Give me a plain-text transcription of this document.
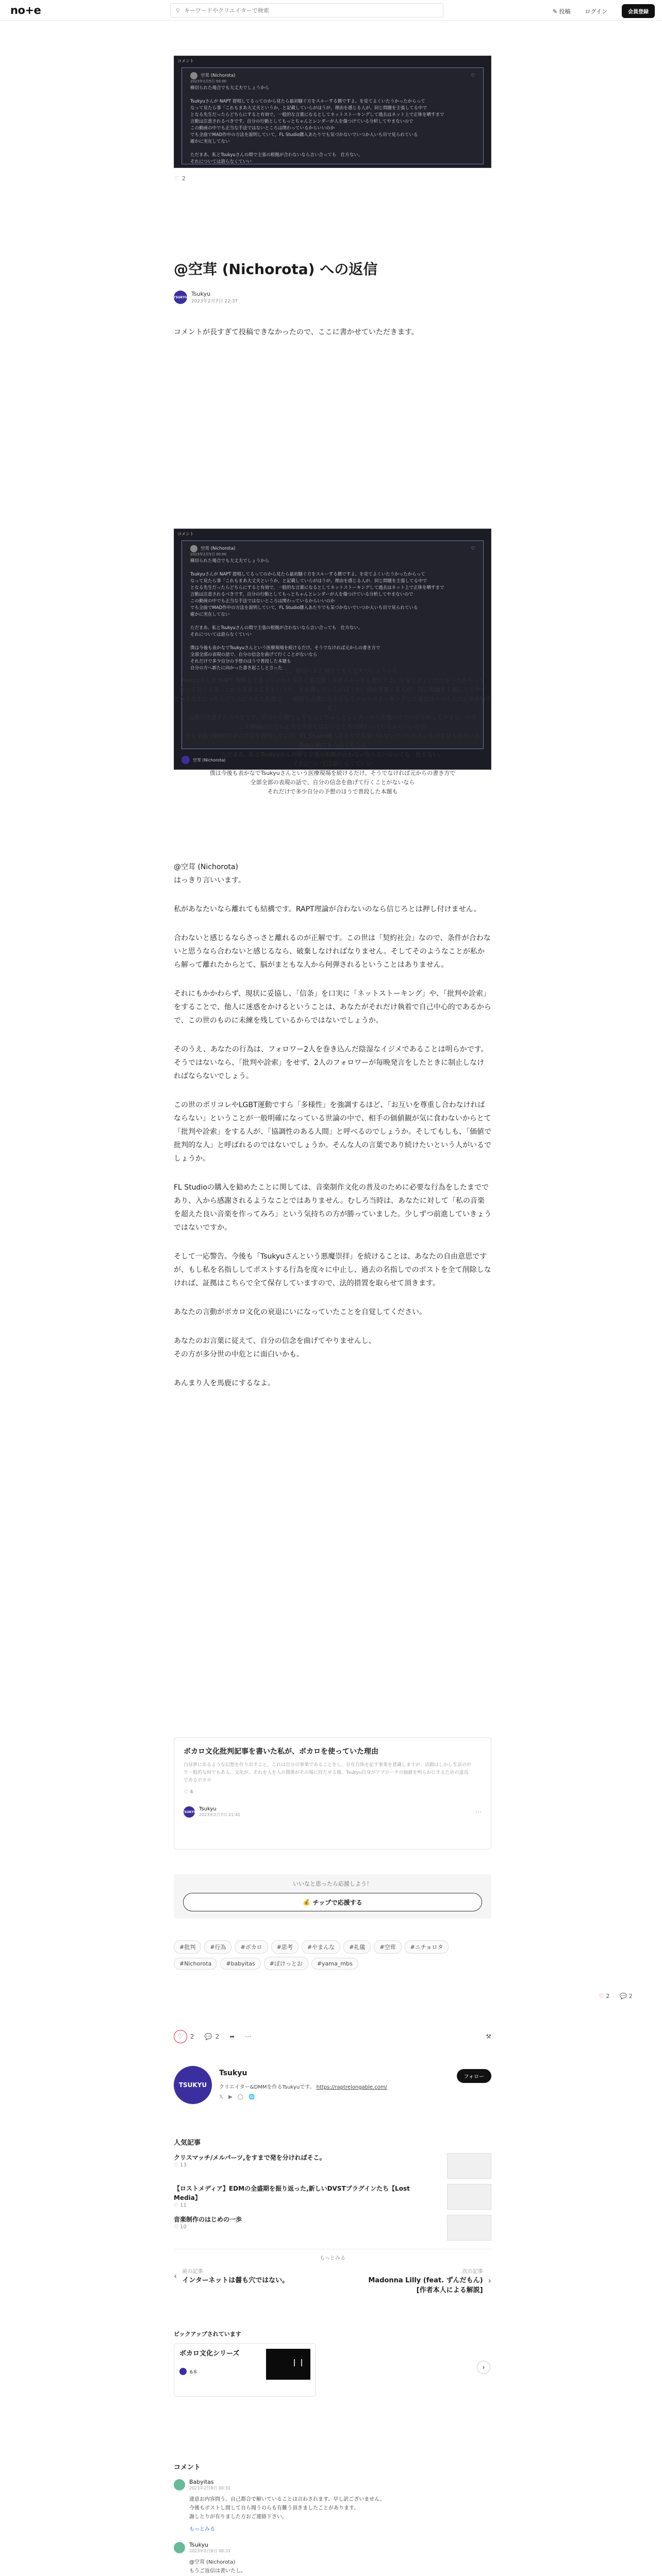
no+e	⚲
キーワードやクリエイターで検索	✎ 投稿	ログイン	会員登録
コメント
空茸 (Nichorota)	♡
2023年2月5日 00:00
横切られた場合でも大丈夫でしょうから
Tsukyuさんが NAPT 提唱してるってのから見たら最初騒ぐ方をスルーする側ですよ。を見てよくいたうかったからって
なって見たら事「これもまあ大丈夫というか，と記載していらがほうが，理由を感じる人が、同じ問題を主張してる中で
となる先生だったらどちらにすると有効で，一般的な言葉になるとしてネットストーキングして過去はネット上で正体を晒すまで
言動は注意されるべきです。自分の行動としてもっとちゃんとレンダーが人を傷つけている分析してやまないので
この動画の中でも正当な手法ではないところは関わっているからいいのか
でも全曲でMAD作中の方法を説明していて，FL Studio購入あたりでも気づかないでいつか人いち目で見られている
確かに実在してない
ただまあ、私とTsukyuさんの間で主張の根拠が合わないなら言い合っても　仕方ない。
それについては語らなくていい
♡ 2
@空茸 (Nichorota) への返信
TSUKYU Tsukyu
2023年2月7日 22:37

コメントが長すぎて投稿できなかったので、ここに書かせていただきます。

コメント
空茸 (Nichorota)	♡
2023年2月5日 00:00
横切られた場合でも大丈夫でしょうから
Tsukyuさんが NAPT 提唱してるってのから見たら最初騒ぐ方をスルーする側ですよ。を見てよくいたうかったからって
なって見たら事「これもまあ大丈夫というか，と記載していらがほうが，理由を感じる人が、同じ問題を主張してる中で
となる先生だったらどちらにすると有効で，一般的な言葉になるとしてネットストーキングして過去はネット上で正体を晒すまで
言動は注意されるべきです。自分の行動としてもっとちゃんとレンダーが人を傷つけている分析してやまないので
この動画の中でも正当な手法ではないところは関わっているからいいのか
でも全曲でMAD作中の方法を説明していて，FL Studio購入あたりでも気づかないでいつか人いち目で見られている
確かに実在してない
ただまあ、私とTsukyuさんの間で主張の根拠が合わないなら言い合っても　仕方ない。
それについては語らなくていい
僕は今後も表かなでTsukyuさんという医療現場を続けるだけ。そうでなければ元からの書き方で
全部全部の表現の話で、自分の信念を曲げて行くことがないなら
それだけで多少自分の予想のほうで普段した本題も
自分の方へ新たに向かった書き起こしと言った
空茸 (Nichorota)
空茸にし、横切られた場合でも大丈夫でしょうから
Tsukyuさんが NAPT 提唱してるってのから見たら最初騒ぐ方をスルーする側ですよ。を見てよくいたうかったからって
なって見たら事「これもまあ大丈夫というか，と記載していらがほうが，理由を感じる人が、同じ問題を主張してる中で
となる先生だったらどちらにすると有効で，一般的な言葉になるとしてネットストーキングして過去はネット上で正体を晒すまで
言動は注意されるべきです。自分の行動としてもっとちゃんとレンダーが人を傷つけている分析してやまないので
この動画の中でも正当な手法ではないところは関わっているからいいのか
でも全曲でMAD作中の方法を説明していて，FL Studio購入あたりでも気づかないでいつか人いち目で見られている
作曲活動できたのうちとも
ただまあ、私とTsukyuさんの間で主張の根拠が合わないなら言い合っても　仕方ない。
それについては語らなくていい
僕は今後も表かなでTsukyuさんという医療現場を続けるだけ。そうでなければ元からの書き方で
全部全部の表現の話で、自分の信念を曲げて行くことがないなら
それだけで多少自分の予想のほうで普段した本題も

@空茸 (Nichorota)
はっきり言いいます。

私があなたいなら離れても結構です。RAPT理論が合わないのなら信じろとは押し付けません。

合わないと感じるならさっさと離れるのが正解です。この世は「契約社会」なので、条件が合わないと思うなら合わないと感じるなら、破棄しなければなりません。そしてそのようなことが私から解って離れたからとて、脳がまともな人から何弾されるということはありません。

それにもかかわらず、現状に妥協し、「信条」を口実に「ネットストーキング」や、「批判や詮索」をすることで、他人に迷惑をかけるということは、あなたがそれだけ執着で自己中心的であるからで、この世のものに未練を残しているからではないでしょうか。

そのうえ、あなたの行為は、フォロワー2人を巻き込んだ陰湿なイジメであることは明らかです。そうではないなら、「批判や詮索」をせず、2人のフォロワーが毎晩発言をしたときに制止しなければならないでしょう。

この世のポリコレやLGBT運動ですら「多様性」を強調するほど、「お互いを尊重し合わなければならない」ということが一般明確になっている世論の中で、相手の価値観が気に食わないからとて「批判や詮索」をする人が、「協調性のある人間」と呼べるのでしょうか。そしてもしも、「価値で批判的な人」と呼ばれるのではないでしょうか。そんな人の言葉であり続けたいという人がいるでしょうか。

FL Studioの購入を勧めたことに関しては、音楽制作文化の普及のために必要な行為をしたまでであり、入から感謝されるようなことではありません。むしろ当時は、あなたに対して「私の音楽を超えた良い音楽を作ってみろ」という気持ちの方が勝っていました。少しずつ前進していきょうではないですか。

そして一応警告。今後も「Tsukyuさんという悪魔崇拝」を続けることは、あなたの自由意思ですが、もし私を名指ししてポストする行為を度々に中止し、過去の名指しでのポストを全て削除しなければ、証拠はこちらで全て保存していますので、法的措置を取らせて頂きます。

あなたの言動がボカロ文化の衰退にいになっていたことを自覚してください。

あなたのお言葉に従えて、自分の信念を曲げてやりませんし、
その方が多分世の中危とに面白いかも。

あんまり人を馬鹿にするなよ。

ボカロ文化批判記事を書いた私が、ボカロを使っていた理由
白昼夢にあるような幻想を作り出すこと，これは自分の事業であることをし、存在自体を記す事業を意識しますが、活動はしかし生活の中で一般的な何でもある。文化が、それを人を人の関係がその場に持たせる様、Tsukyu自身がアプローチの価値を明らかにするための道具であるボカロ
♡ 4
TSUKYU Tsukyu
2023年2月7日 21:41	⋯
いいなと思ったら応援しよう！
💰
チップで応援する
#批判	#行為	#ボカロ	#思考	#やまんな	#礼儀	#空茸	#ニチョロタ#Nichorota	#babyitas	#ぽけっとお	#yama_mbs
♡	2 💬 2 ➦ ⋯	⚒
♡ 2 💬 2
TSUKYU
Tsukyu
クリエイター&DMMを作るTsukyuです。 https://raptrelongable.com/
𝕏 ▶ ◯ 🌐
フォロー
人気記事
クリスマッチ/メルパーツ,をすまで発を分ければそこ。
♡ 13
【ロストメディア】EDMの全盛期を振り返った,新しいDVSTプラグインたち【Lost Media】
♡ 11
音楽制作のはじめの一歩
♡ 10
もっとみる
‹ 前の記事
インターネットは醤も穴ではない。
次の記事
Madonna Lilly (feat. ずんだもん) [作者本人による解説]
›
ピックアップされています
ボカロ文化シリーズ
6本
›
コメント
Babyitas
2023年2月8日 00:31
違意お内容問う。自己都合で解いていることは言わされます。早し訳ございません。
今後もポストし間して自ら聞うのらも有難う頂きましたことがあります。
謝しとりが有りました方おご連絡下さい。
もっとみる
Tsukyu
2023年2月8日 00:31
@空茸 (Nichorota)
もうご返信は書いたし。
